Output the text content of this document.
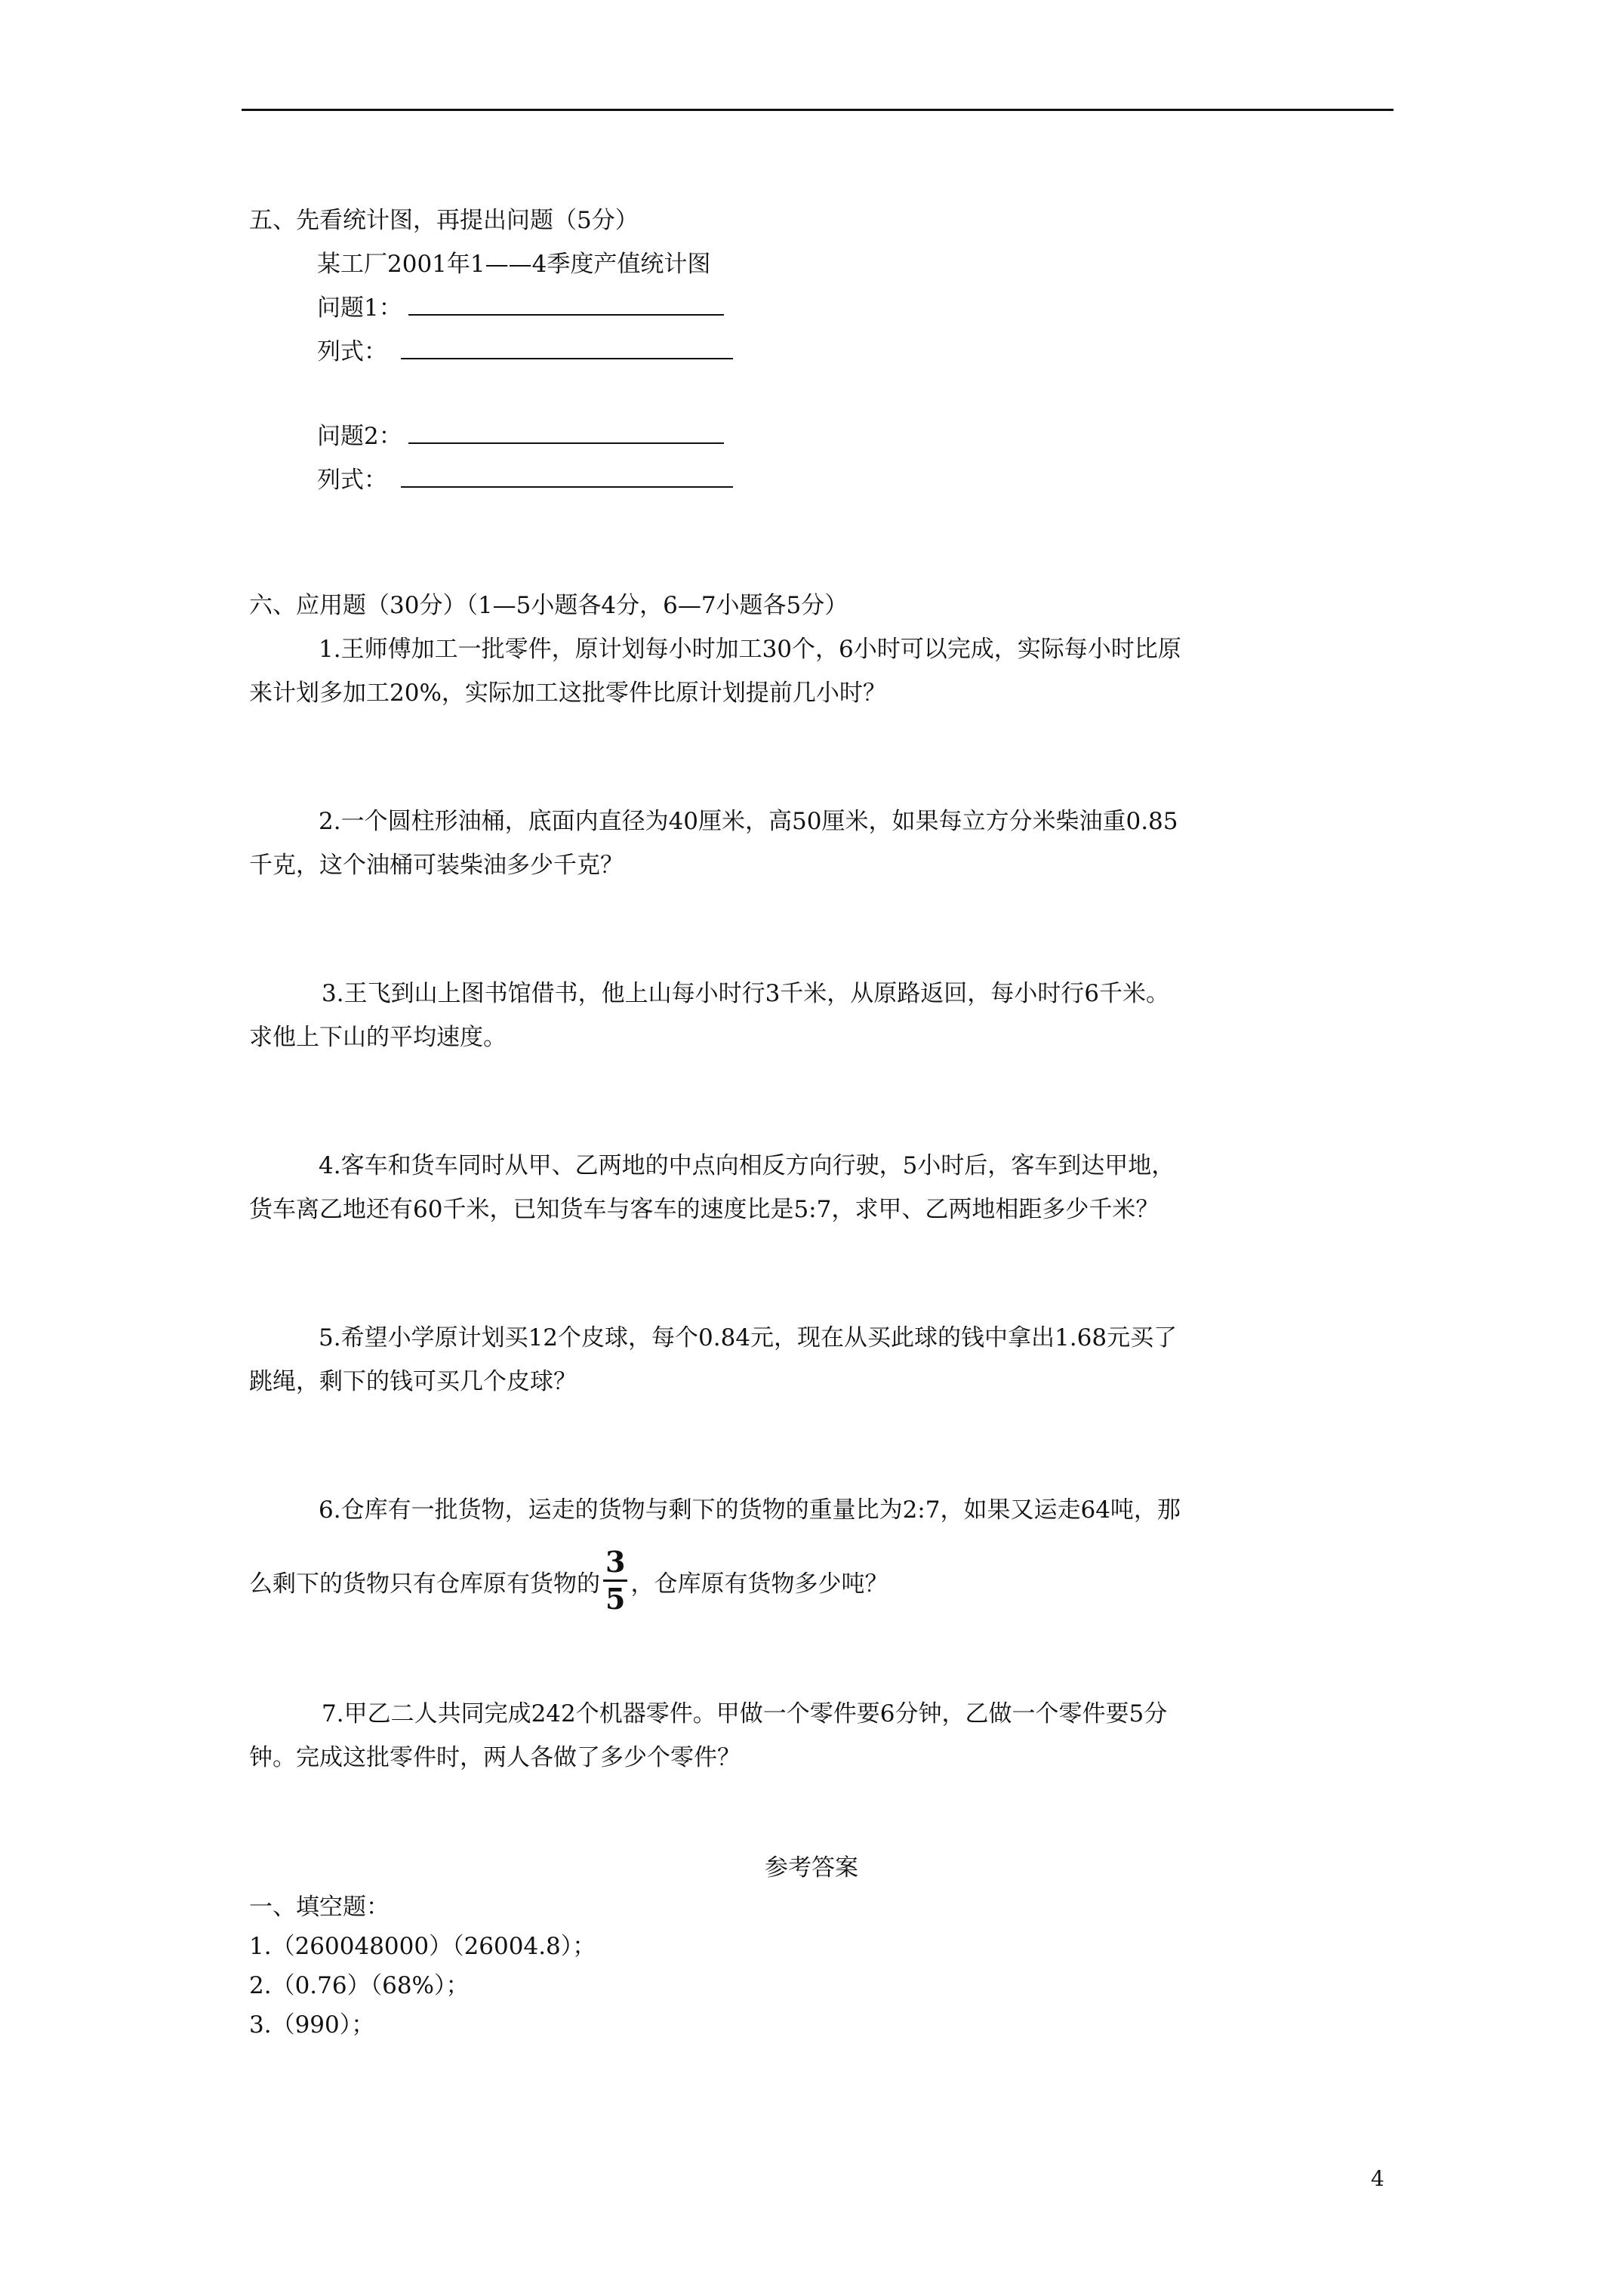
五、先看统计图，再提出问题（5分）
某工厂2001年1——4季度产值统计图
问题1：
列式：
问题2：
列式：
六、应用题（30分）（1—5小题各4分，6—7小题各5分）
1.王师傅加工一批零件，原计划每小时加工30个，6小时可以完成，实际每小时比原
来计划多加工20%，实际加工这批零件比原计划提前几小时？
2.一个圆柱形油桶，底面内直径为40厘米，高50厘米，如果每立方分米柴油重0.85
千克，这个油桶可装柴油多少千克？
3.王飞到山上图书馆借书，他上山每小时行3千米，从原路返回，每小时行6千米。
求他上下山的平均速度。
4.客车和货车同时从甲、乙两地的中点向相反方向行驶，5小时后，客车到达甲地，
货车离乙地还有60千米，已知货车与客车的速度比是5:7，求甲、乙两地相距多少千米？
5.希望小学原计划买12个皮球，每个0.84元，现在从买此球的钱中拿出1.68元买了
跳绳，剩下的钱可买几个皮球？
6.仓库有一批货物，运走的货物与剩下的货物的重量比为2:7，如果又运走64吨，那
么剩下的货物只有仓库原有货物的 $\frac{3}{5}$ ，仓库原有货物多少吨？
7.甲乙二人共同完成242个机器零件。甲做一个零件要6分钟，乙做一个零件要5分
钟。完成这批零件时，两人各做了多少个零件？
参考答案
一、填空题：
1.（260048000）（26004.8）；
2.（0.76）（68%）；
3.（990）；
4
